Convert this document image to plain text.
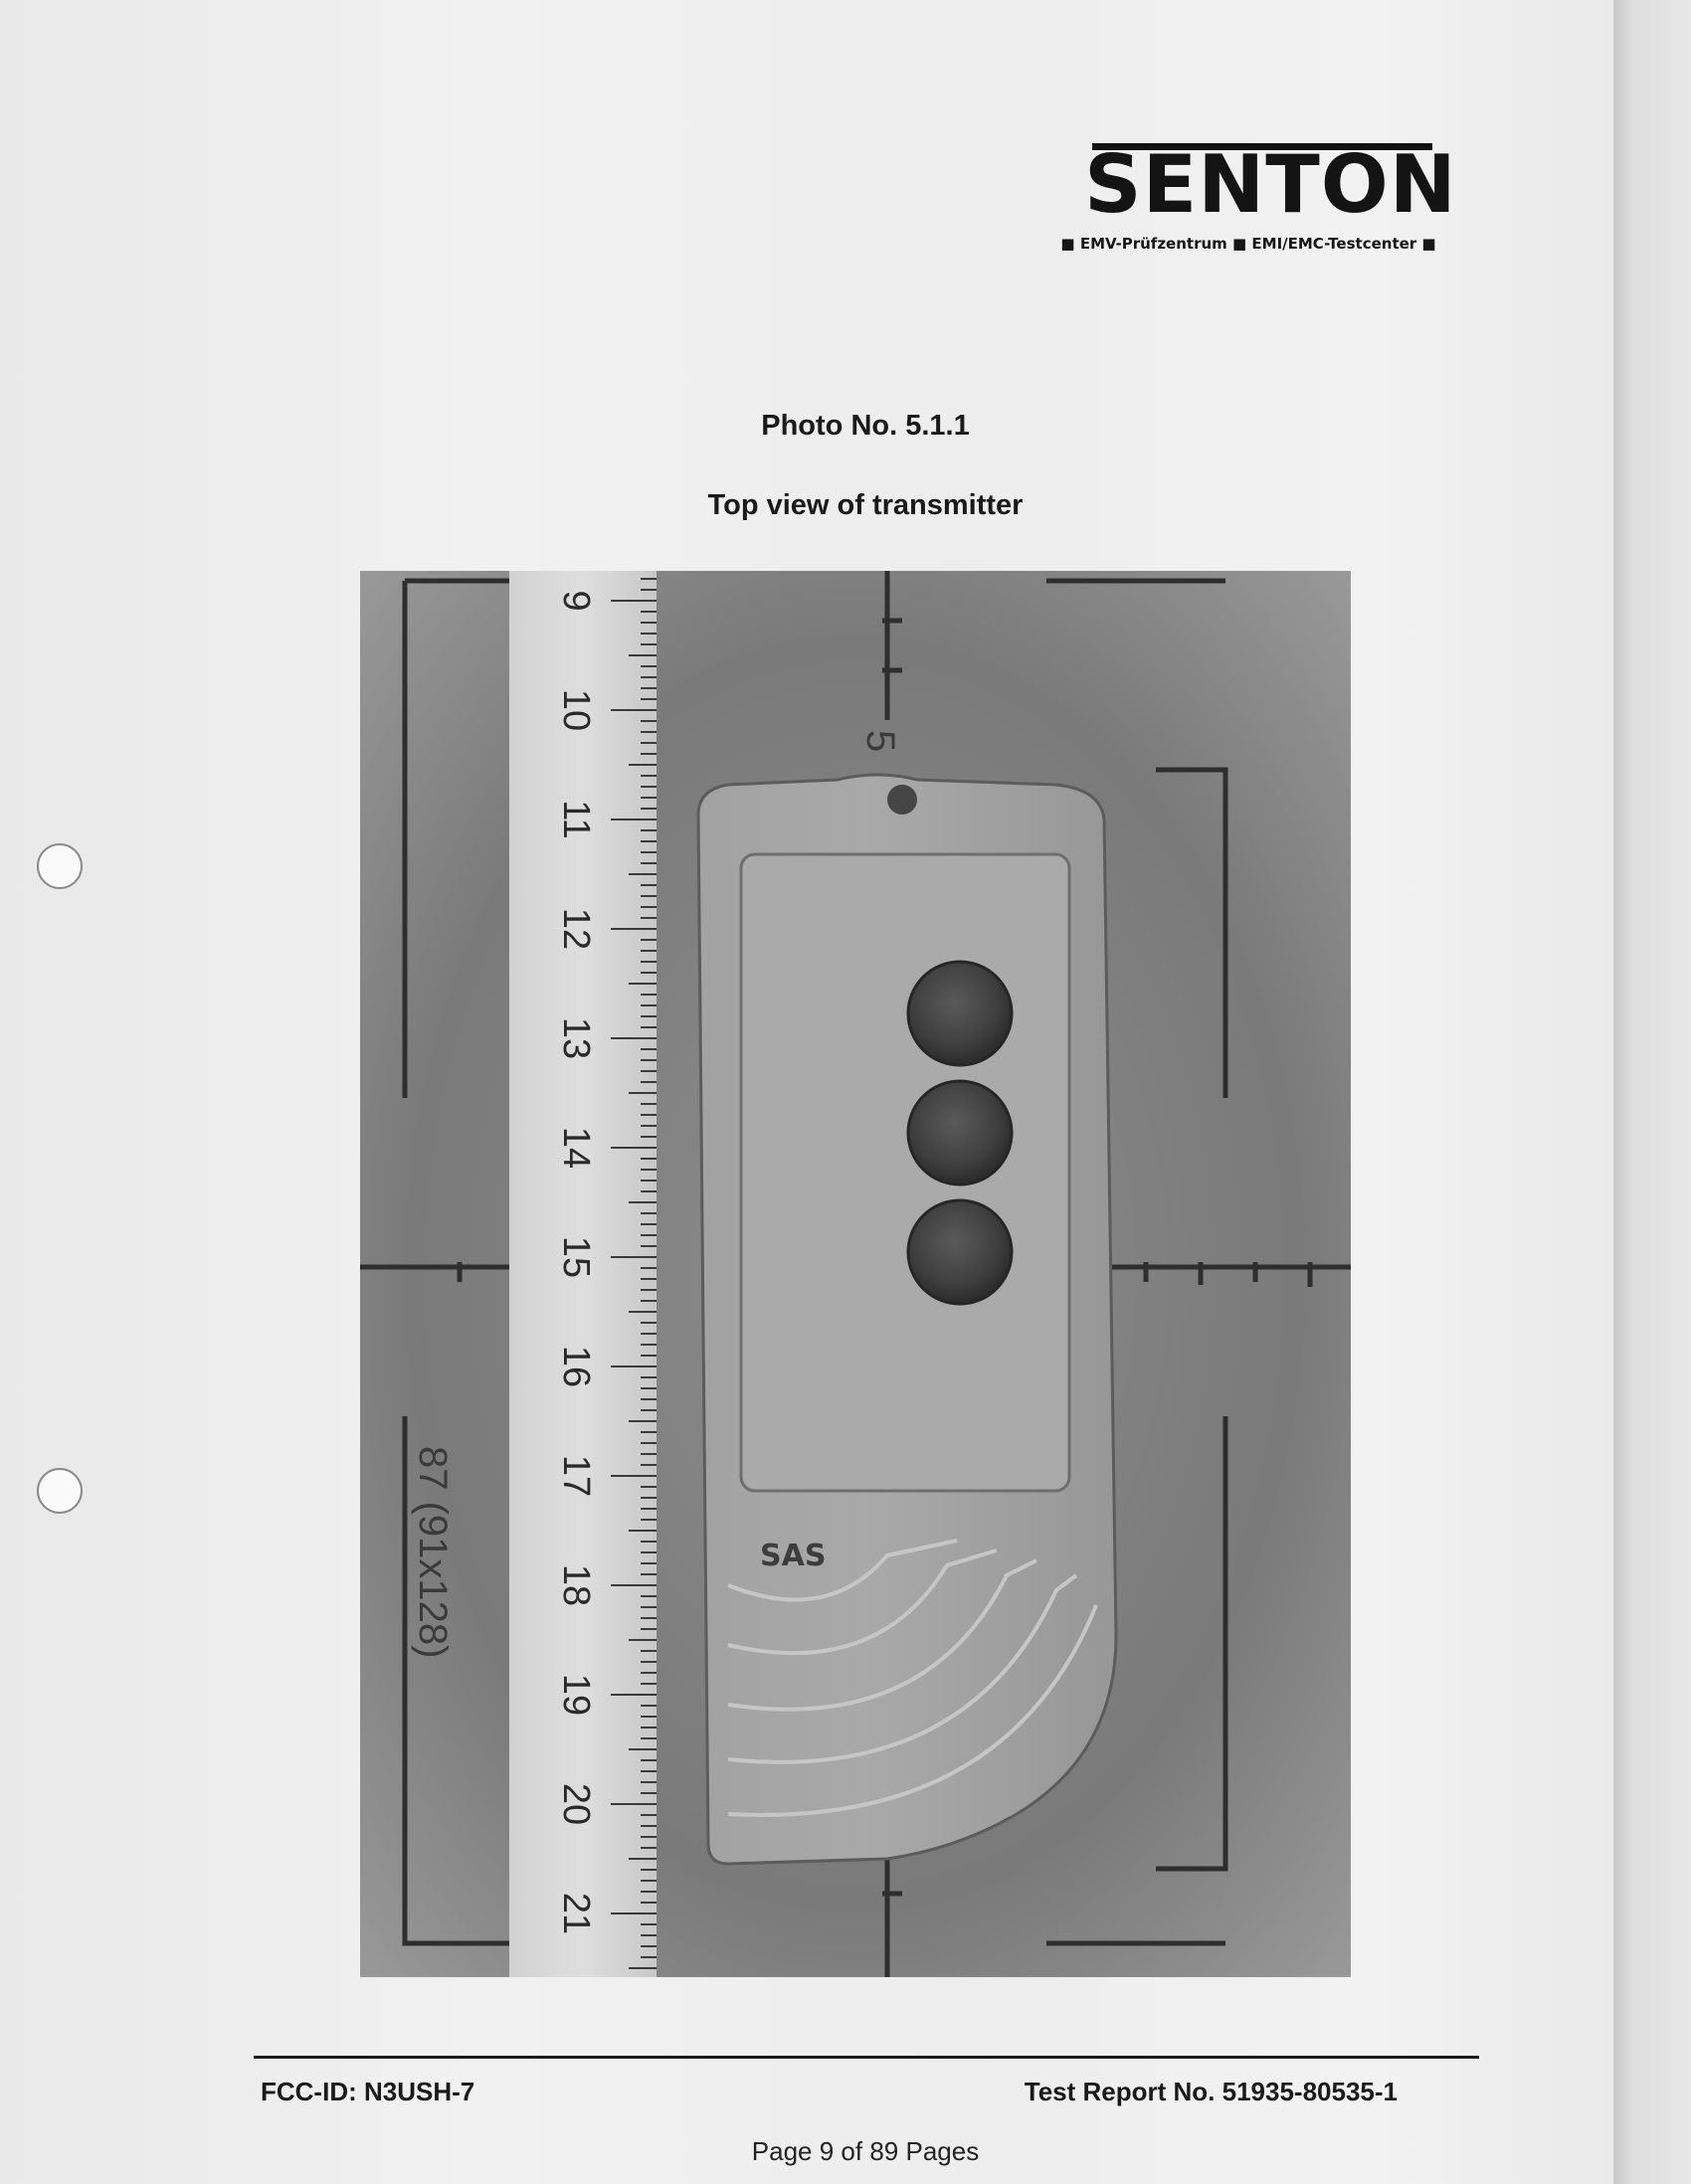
SENTON
■ EMV-Prüfzentrum ■ EMI/EMC-Testcenter ■
Photo No. 5.1.1
Top view of transmitter
5
87 (91x128)
9
10
11
12
13
14
15
16
17
18
19
20
21
SAS
FCC-ID: N3USH-7	Test Report No. 51935-80535-1
Page 9 of 89 Pages
